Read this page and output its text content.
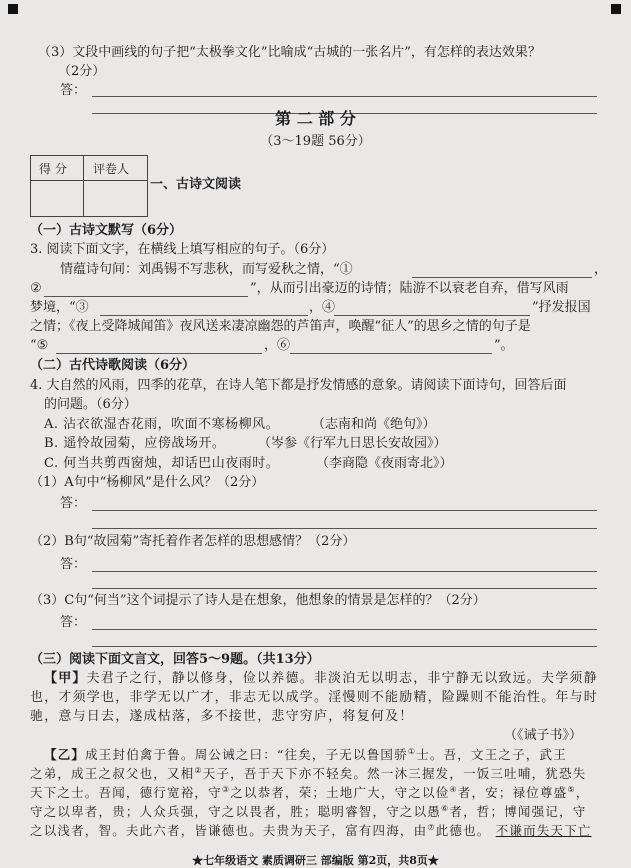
（3）文段中画线的句子把“太极拳文化”比喻成“古城的一张名片”，有怎样的表达效果？
（2分）
答：
第 二 部 分
（3～19题 56分）
得 分 评卷人
一、古诗文阅读
（一）古诗文默写（6分）
3. 阅读下面文字，在横线上填写相应的句子。（6分）
情蕴诗句间：刘禹锡不写悲秋，而写爱秋之情，“①	，
②	”，从而引出豪迈的诗情；陆游不以衰老自弃，借写风雨
梦境，“③	，④	”抒发报国
之情；《夜上受降城闻笛》夜风送来凄凉幽怨的芦笛声，唤醒“征人”的思乡之情的句子是
“⑤	，⑥	”。
（二）古代诗歌阅读（6分）
4. 大自然的风雨，四季的花草，在诗人笔下都是抒发情感的意象。请阅读下面诗句，回答后面
的问题。（6分）
A. 沾衣欲湿杏花雨，吹面不寒杨柳风。	（志南和尚《绝句》）
B. 遥怜故园菊，应傍战场开。	（岑参《行军九日思长安故园》）
C. 何当共剪西窗烛，却话巴山夜雨时。	（李商隐《夜雨寄北》）
（1）A句中“杨柳风”是什么风？（2分）
答：
（2）B句“故园菊”寄托着作者怎样的思想感情？（2分）
答：
（3）C句“何当”这个词提示了诗人是在想象，他想象的情景是怎样的？（2分）
答：
（三）阅读下面文言文，回答5～9题。（共13分）
【甲】夫君子之行，静以修身，俭以养德。非淡泊无以明志，非宁静无以致远。夫学须静
也，才须学也，非学无以广才，非志无以成学。淫慢则不能励精，险躁则不能治性。年与时
驰，意与日去，遂成枯落，多不接世，悲守穷庐，将复何及！
（《诫子书》）
【乙】成王封伯禽于鲁。周公诫之曰：“往矣，子无以鲁国骄①士。吾，文王之子，武王
之弟，成王之叔父也，又相②天子，吾于天下亦不轻矣。然一沐三握发，一饭三吐哺，犹恐失
天下之士。吾闻，德行宽裕，守③之以恭者，荣；土地广大，守之以俭④者，安；禄位尊盛⑤，
守之以卑者，贵；人众兵强，守之以畏者，胜；聪明睿智，守之以愚⑥者，哲；博闻强记，守
之以浅者，智。夫此六者，皆谦德也。夫贵为天子，富有四海，由⑦此德也。 不谦而失天下亡
★七年级语文 素质调研三 部编版 第2页，共8页★
